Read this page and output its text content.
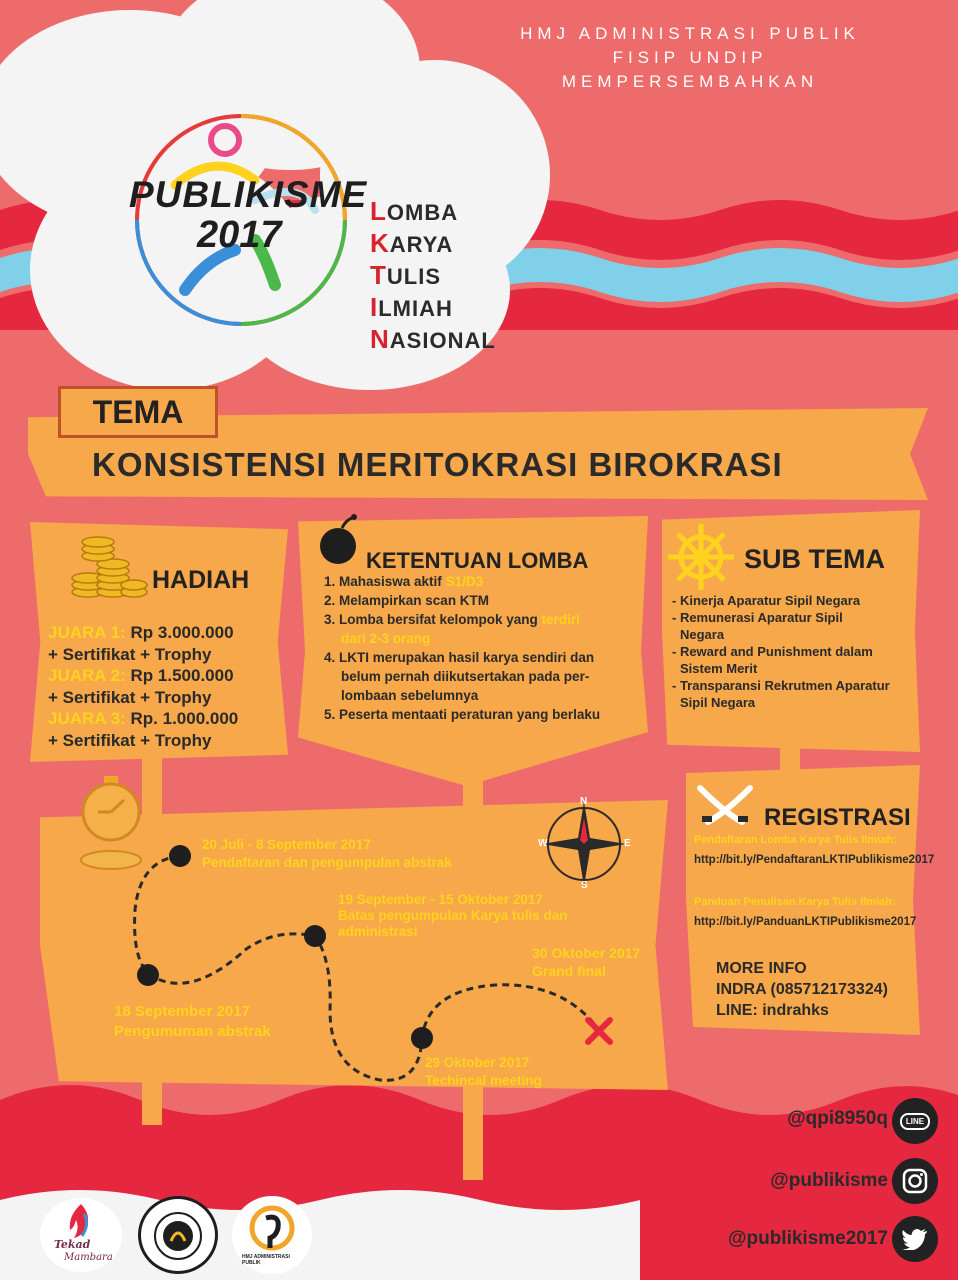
HMJ ADMINISTRASI PUBLIK
FISIP UNDIP
MEMPERSEMBAHKAN
PUBLIKISME
2017
LOMBA
KARYA
TULIS
ILMIAH
NASIONAL
TEMA
KONSISTENSI MERITOKRASI BIROKRASI
HADIAH
JUARA 1: Rp 3.000.000
+ Sertifikat + Trophy
JUARA 2: Rp 1.500.000
+ Sertifikat + Trophy
JUARA 3: Rp. 1.000.000
+ Sertifikat + Trophy
KETENTUAN LOMBA
1. Mahasiswa aktif S1/D3
2. Melampirkan scan KTM
3. Lomba bersifat kelompok yang terdiri
dari 2-3 orang
4. LKTI merupakan hasil karya sendiri dan
belum pernah diikutsertakan pada per-
lombaan sebelumnya
5. Peserta mentaati peraturan yang berlaku
SUB TEMA
- Kinerja Aparatur Sipil Negara
- Remunerasi Aparatur Sipil
Negara
- Reward and Punishment dalam
Sistem Merit
- Transparansi Rekrutmen Aparatur
Sipil Negara
N
S
E
W
20 Juli - 8 September 2017
Pendaftaran dan pengumpulan abstrak
19 September - 15 Oktober 2017
Batas pengumpulan Karya tulis dan
administrasi
30 Oktober 2017
Grand final
18 September 2017
Pengumuman abstrak
29 Oktober 2017
Techincal meeting
REGISTRASI
Pendaftaran Lomba Karya Tulis Ilmiah:
http://bit.ly/PendaftaranLKTIPublikisme2017
Panduan Penulisan Karya Tulis Ilmiah:
http://bit.ly/PanduanLKTIPublikisme2017
MORE INFO
INDRA (085712173324)
LINE: indrahks
@qpi8950q	LINE
@publikisme
@publikisme2017
Tekad
Mambara	HMJ ADMINISTRASI PUBLIK
